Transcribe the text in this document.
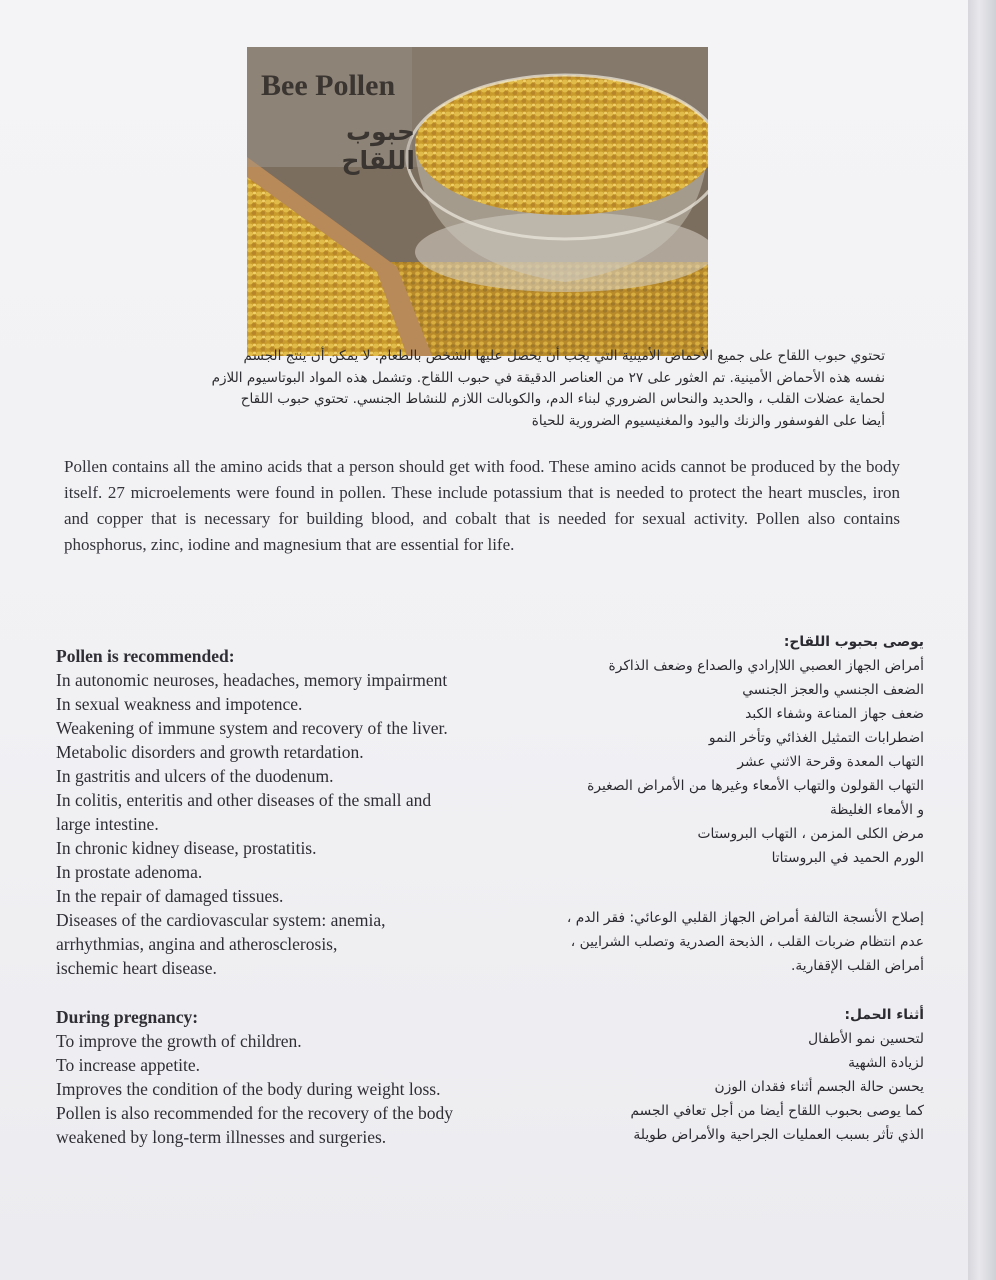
Bee Pollen
حبوب اللقاح
تحتوي حبوب اللقاح على جميع الأحماض الأمينية التي يجب أن يحصل عليها الشخص بالطعام. لا يمكن أن ينتج الجسم
نفسه هذه الأحماض الأمينية. تم العثور على ٢٧ من العناصر الدقيقة في حبوب اللقاح. وتشمل هذه المواد البوتاسيوم اللازم
لحماية عضلات القلب ، والحديد والنحاس الضروري لبناء الدم، والكوبالت اللازم للنشاط الجنسي. تحتوي حبوب اللقاح
أيضا على الفوسفور والزنك واليود والمغنيسيوم الضرورية للحياة
Pollen contains all the amino acids that a person should get with food. These amino acids cannot be produced by the body itself. 27 microelements were found in pollen. These include potassium that is needed to protect the heart muscles, iron and copper that is necessary for building blood, and cobalt that is needed for sexual activity. Pollen also contains phosphorus, zinc, iodine and magnesium that are essential for life.
Pollen is recommended:
In autonomic neuroses, headaches, memory impairment
In sexual weakness and impotence.
Weakening of immune system and recovery of the liver.
Metabolic disorders and growth retardation.
In gastritis and ulcers of the duodenum.
In colitis, enteritis and other diseases of the small and
large intestine.
In chronic kidney disease, prostatitis.
In prostate adenoma.
In the repair of damaged tissues.
Diseases of the cardiovascular system: anemia,
arrhythmias, angina and atherosclerosis,
ischemic heart disease.
يوصى بحبوب اللقاح:
أمراض الجهاز العصبي اللاإرادي والصداع وضعف الذاكرة
الضعف الجنسي والعجز الجنسي
ضعف جهاز المناعة وشفاء الكبد
اضطرابات التمثيل الغذائي وتأخر النمو
التهاب المعدة وقرحة الاثني عشر
التهاب القولون والتهاب الأمعاء وغيرها من الأمراض الصغيرة
و الأمعاء الغليظة
مرض الكلى المزمن ، التهاب البروستات
الورم الحميد في البروستاتا
إصلاح الأنسجة التالفة أمراض الجهاز القلبي الوعائي: فقر الدم ،
عدم انتظام ضربات القلب ، الذبحة الصدرية وتصلب الشرايين ،
أمراض القلب الإقفارية.
During pregnancy:
To improve the growth of children.
To increase appetite.
Improves the condition of the body during weight loss.
Pollen is also recommended for the recovery of the body
weakened by long-term illnesses and surgeries.
أثناء الحمل:
لتحسين نمو الأطفال
لزيادة الشهية
يحسن حالة الجسم أثناء فقدان الوزن
كما يوصى بحبوب اللقاح أيضا من أجل تعافي الجسم
الذي تأثر بسبب العمليات الجراحية والأمراض طويلة
